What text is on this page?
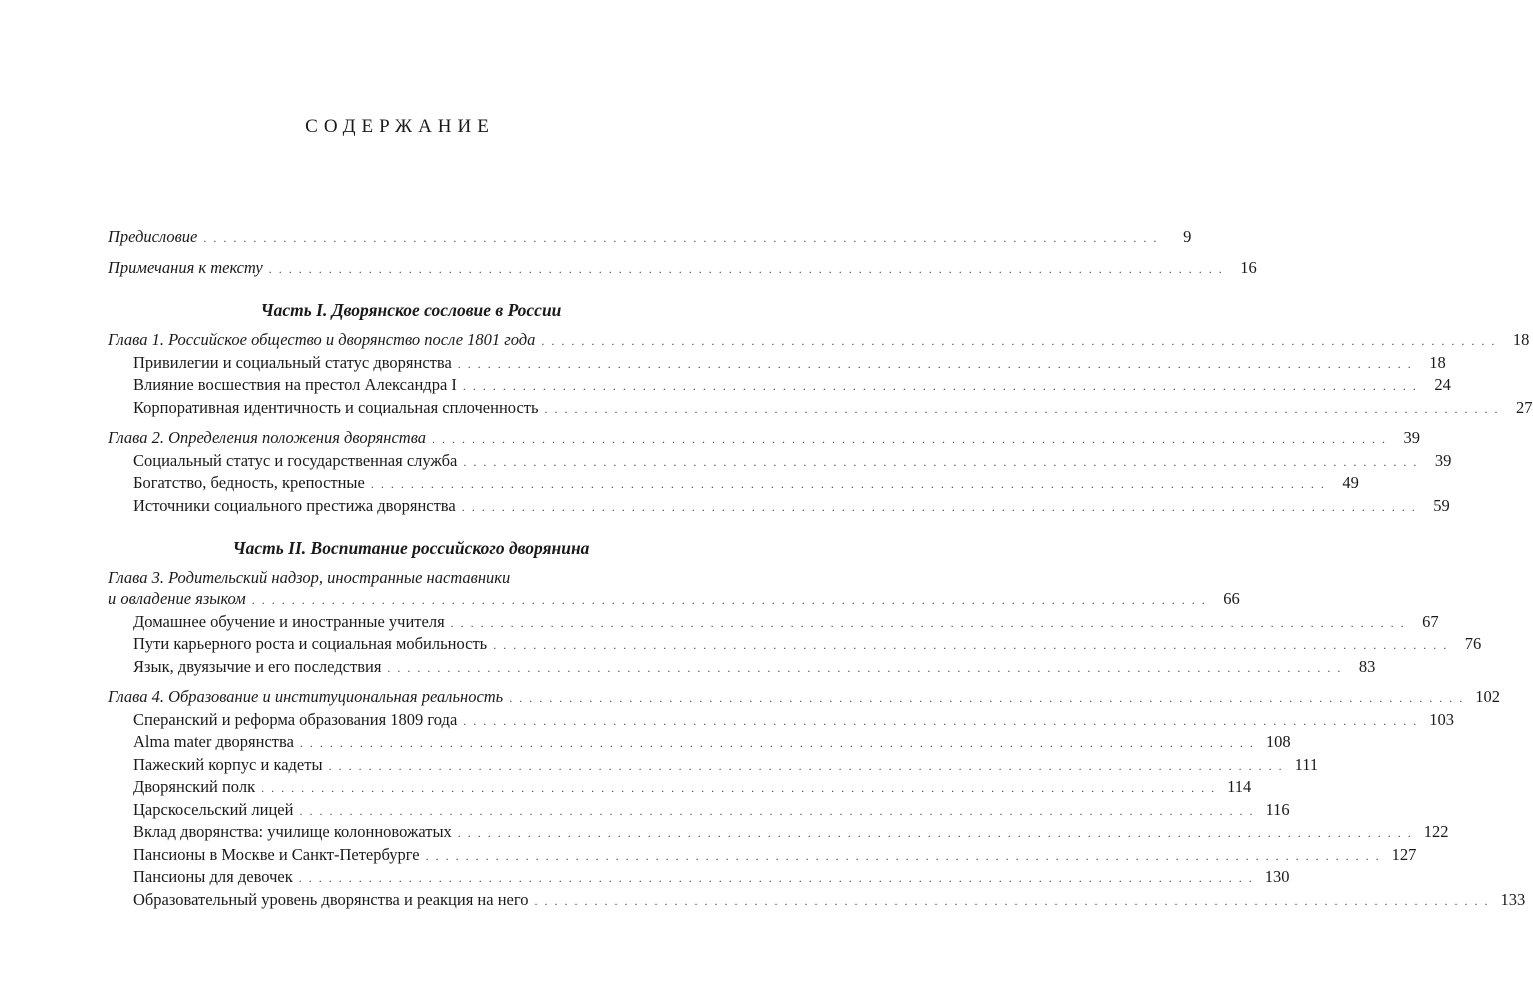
СОДЕРЖАНИЕ
Предисловие ................................................................................................	9
Примечания к тексту ................................................................................................ 16
Часть I. Дворянское сословие в России
Глава 1. Российское общество и дворянство после 1801 года ................................................................................................ 18
Привилегии и социальный статус дворянства ................................................................................................ 18
Влияние восшествия на престол Александра I ................................................................................................ 24
Корпоративная идентичность и социальная сплоченность ................................................................................................ 27
Глава 2. Определения положения дворянства ................................................................................................ 39
Социальный статус и государственная служба ................................................................................................ 39
Богатство, бедность, крепостные ................................................................................................ 49
Источники социального престижа дворянства ................................................................................................ 59
Часть II. Воспитание российского дворянина
Глава 3. Родительский надзор, иностранные наставники
и овладение языком ................................................................................................ 66
Домашнее обучение и иностранные учителя ................................................................................................ 67
Пути карьерного роста и социальная мобильность ................................................................................................ 76
Язык, двуязычие и его последствия ................................................................................................ 83
Глава 4. Образование и институциональная реальность ................................................................................................ 102
Сперанский и реформа образования 1809 года ................................................................................................ 103
Alma mater дворянства ................................................................................................ 108
Пажеский корпус и кадеты ................................................................................................ 111
Дворянский полк ................................................................................................ 114
Царскосельский лицей ................................................................................................ 116
Вклад дворянства: училище колонновожатых ................................................................................................ 122
Пансионы в Москве и Санкт-Петербурге ................................................................................................ 127
Пансионы для девочек ................................................................................................ 130
Образовательный уровень дворянства и реакция на него ................................................................................................ 133
